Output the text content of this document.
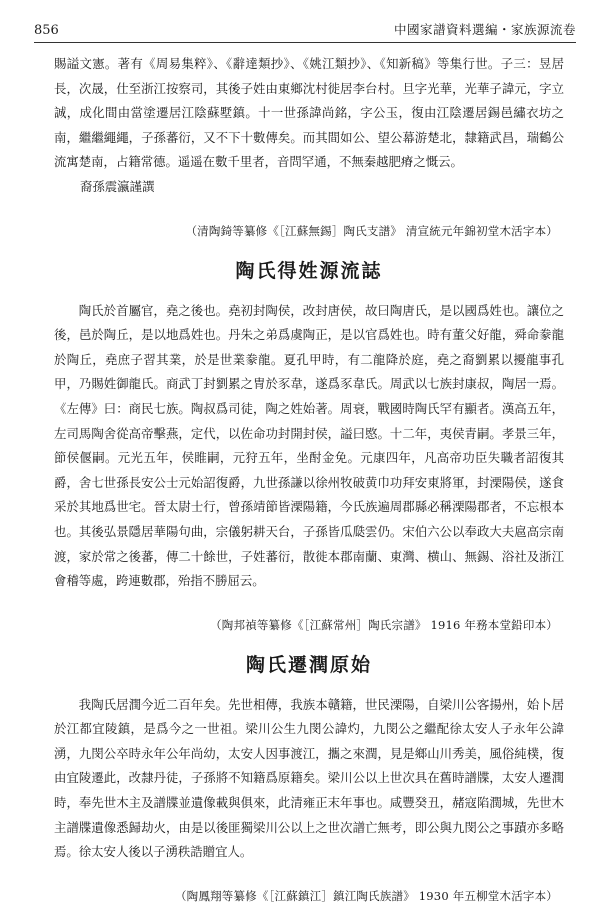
856	中國家譜資料選編・家族源流卷

賜謚文憲。著有《周易集粹》、《辭達類抄》、《姚江類抄》、《知新稿》等集行世。子三：昱居長，次晟，仕至浙江按察司，其後子姓由東鄉沈村徙居李台村。旦字光華，光華子諱元，字立誠，成化間由當塗遷居江陰蘇墅鎮。十一世孫諱尚銘，字公玉，復由江陰遷居錫邑繡衣坊之南，繼繼繩繩，子孫蕃衍，又不下十數傳矣。而其間如公、望公幕游楚北，隸籍武昌，瑞鶴公流寓楚南，占籍常德。遥遥在數千里者，音問罕通，不無秦越肥瘠之慨云。

裔孫震瀛謹譔

（清陶錡等纂修《［江蘇無錫］陶氏支譜》 清宣統元年錦初堂木活字本）

陶氏得姓源流誌

陶氏於首屬官，堯之後也。堯初封陶侯，改封唐侯，故曰陶唐氏，是以國爲姓也。讓位之後，邑於陶丘，是以地爲姓也。丹朱之弟爲虞陶正，是以官爲姓也。時有董父好龍，舜命豢龍於陶丘，堯庶子習其業，於是世業豢龍。夏孔甲時，有二龍降於庭，堯之裔劉累以擾龍事孔甲，乃賜姓御龍氏。商武丁封劉累之冑於豕韋，遂爲豕韋氏。周武以七族封康叔，陶居一焉。《左傳》曰：商民七族。陶叔爲司徒，陶之姓始著。周衰，戰國時陶氏罕有顯者。漢高五年，左司馬陶舍從高帝擊燕，定代，以佐命功封開封侯，謚曰愍。十二年，夷侯青嗣。孝景三年，節侯偃嗣。元光五年，侯睢嗣，元狩五年，坐酎金免。元康四年，凡高帝功臣失職者詔復其爵，舍七世孫長安公士元始詔復爵，九世孫謙以徐州牧破黄巾功拜安東將軍，封溧陽侯，遂食采於其地爲世宅。晉太尉士行，曾孫靖節皆溧陽籍，今氏族遍周郡縣必稱溧陽郡者，不忘根本也。其後弘景隱居華陽句曲，宗儀躬耕天台，子孫皆瓜瓞雲仍。宋伯六公以奉政大夫扈高宗南渡，家於常之後蕃，傳二十餘世，子姓蕃衍，散徙本郡南蘭、東灣、横山、無錫、浴社及浙江會稽等處，跨連數郡，殆指不勝屈云。

（陶邦禎等纂修《［江蘇常州］陶氏宗譜》 1916 年務本堂鉛印本）

陶氏遷潤原始

我陶氏居潤今近二百年矣。先世相傳，我族本贛籍，世民溧陽，自梁川公客揚州，始卜居於江都宜陵鎮，是爲今之一世祖。梁川公生九閔公諱灼，九閔公之繼配徐太安人子永年公諱湧，九閔公卒時永年公年尚幼，太安人因事渡江，攜之來潤，見是鄉山川秀美，風俗純樸，復由宜陵遷此，改隸丹徒，子孫將不知籍爲原籍矣。梁川公以上世次具在舊時譜牒，太安人遷潤時，奉先世木主及譜牒並遺像載與俱來，此清雍正末年事也。咸豐癸丑，赭寇陷潤城，先世木主譜牒遺像悉歸劫火，由是以後匪獨梁川公以上之世次譜亡無考，即公與九閔公之事蹟亦多略焉。徐太安人後以子湧秩誥贈宜人。

（陶鳳翔等纂修《［江蘇鎮江］鎮江陶氏族譜》 1930 年五柳堂木活字本）
